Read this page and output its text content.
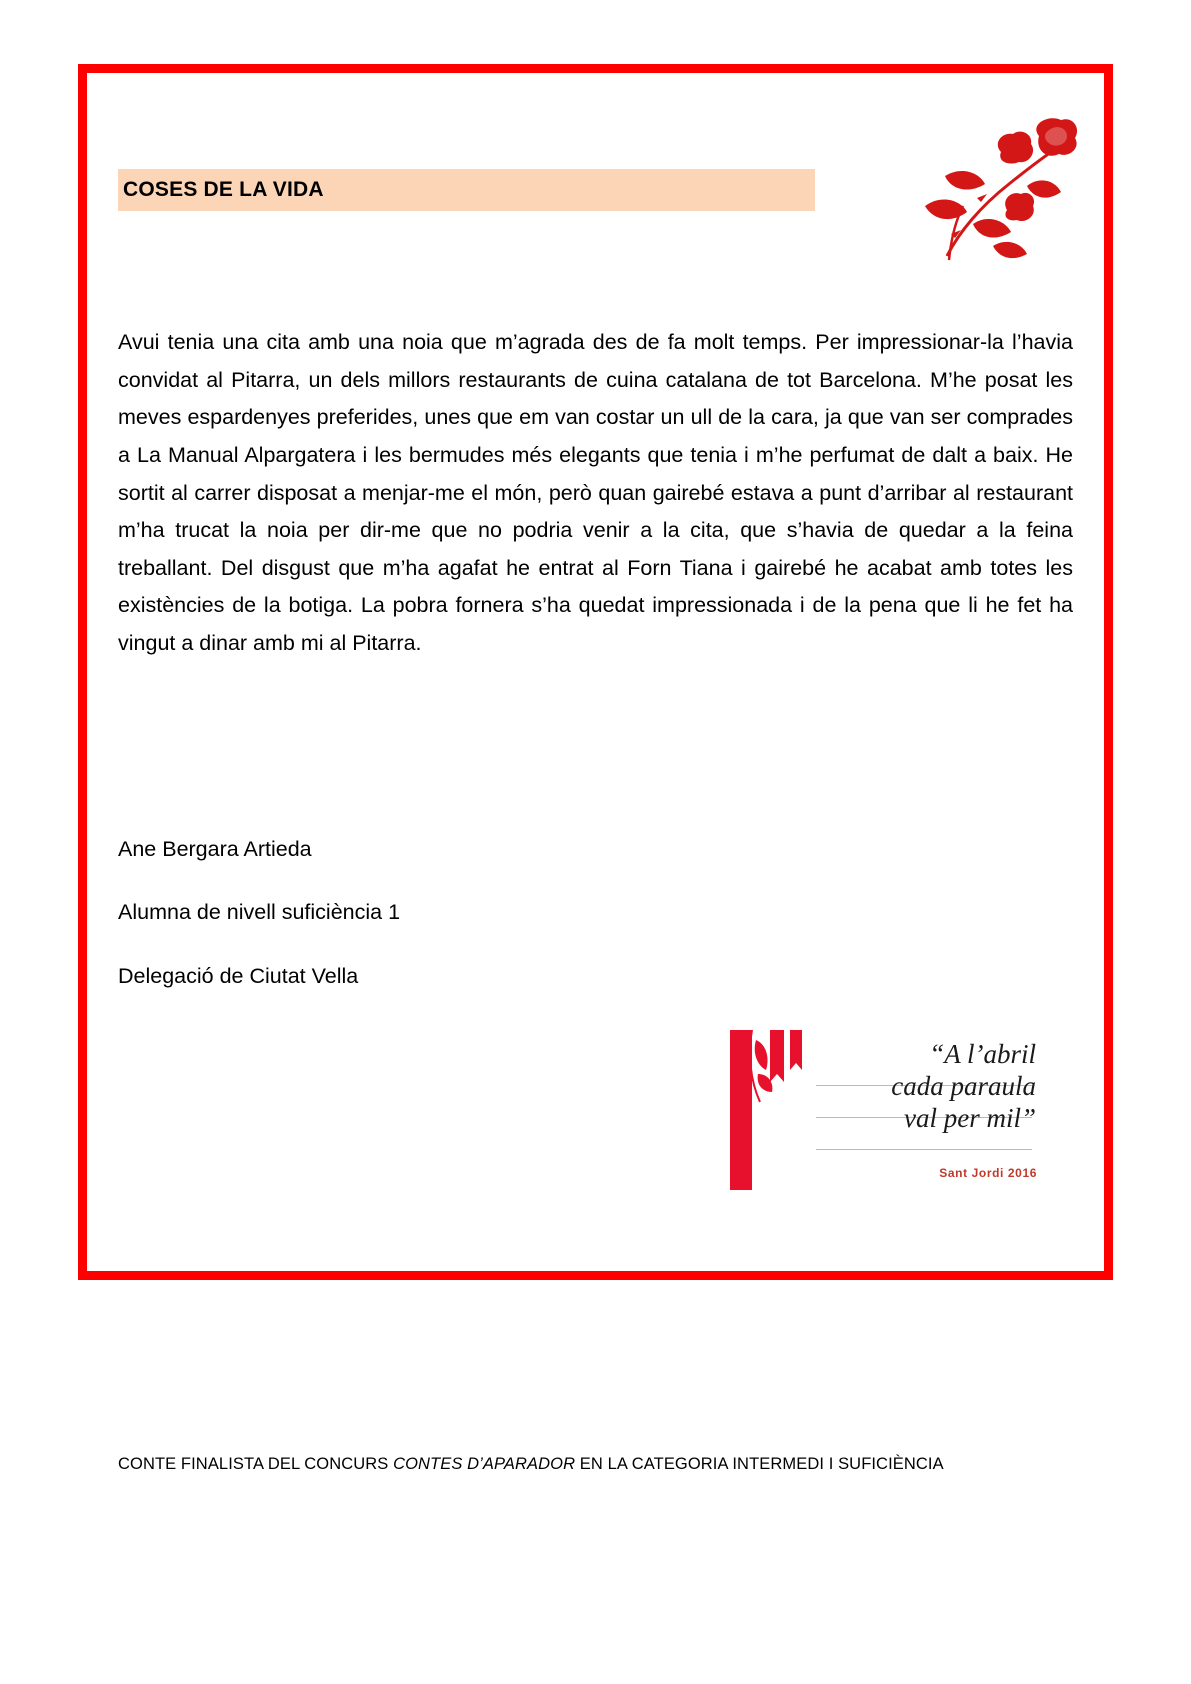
COSES DE LA VIDA
Avui tenia una cita amb una noia que m’agrada des de fa molt temps. Per impressionar-la l’havia convidat al Pitarra, un dels millors restaurants de cuina catalana de tot Barcelona. M’he posat les meves espardenyes preferides, unes que em van costar un ull de la cara, ja que van ser comprades a La Manual Alpargatera i les bermudes més elegants que tenia i m’he perfumat de dalt a baix. He sortit al carrer disposat a menjar-me el món, però quan gairebé estava a punt d’arribar al restaurant m’ha trucat la noia per dir-me que no podria venir a la cita, que s’havia de quedar a la feina treballant. Del disgust que m’ha agafat he entrat al Forn Tiana i gairebé he acabat amb totes les existències de la botiga. La pobra fornera s’ha quedat impressionada i de la pena que li he fet ha vingut a dinar amb mi al Pitarra.

Ane Bergara Artieda

Alumna de nivell suficiència 1

Delegació de Ciutat Vella

“A l’abril
cada paraula
val per mil”
Sant Jordi 2016
CONTE FINALISTA DEL CONCURS CONTES D’APARADOR EN LA CATEGORIA INTERMEDI I SUFICIÈNCIA
